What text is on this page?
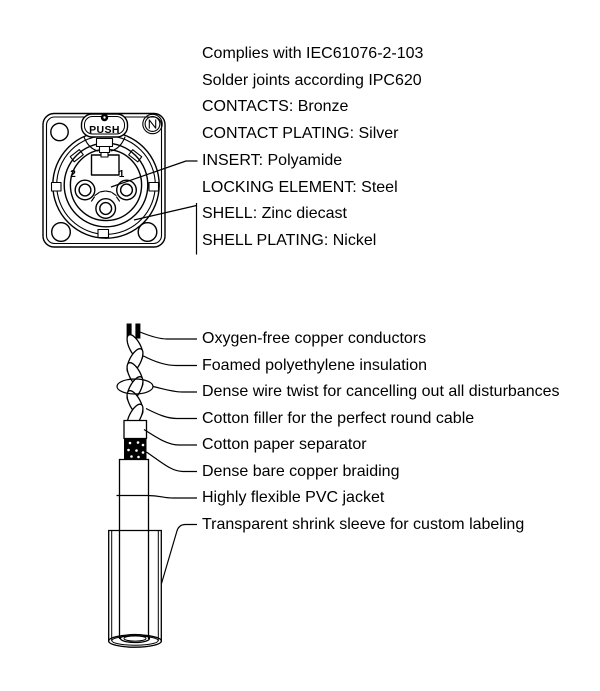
PUSH
2	1
Complies with IEC61076-2-103
Solder joints according IPC620
CONTACTS: Bronze
CONTACT PLATING: Silver
INSERT: Polyamide
LOCKING ELEMENT: Steel
SHELL: Zinc diecast
SHELL PLATING: Nickel
Oxygen-free copper conductors
Foamed polyethylene insulation
Dense wire twist for cancelling out all disturbances
Cotton filler for the perfect round cable
Cotton paper separator
Dense bare copper braiding
Highly flexible PVC jacket
Transparent shrink sleeve for custom labeling
